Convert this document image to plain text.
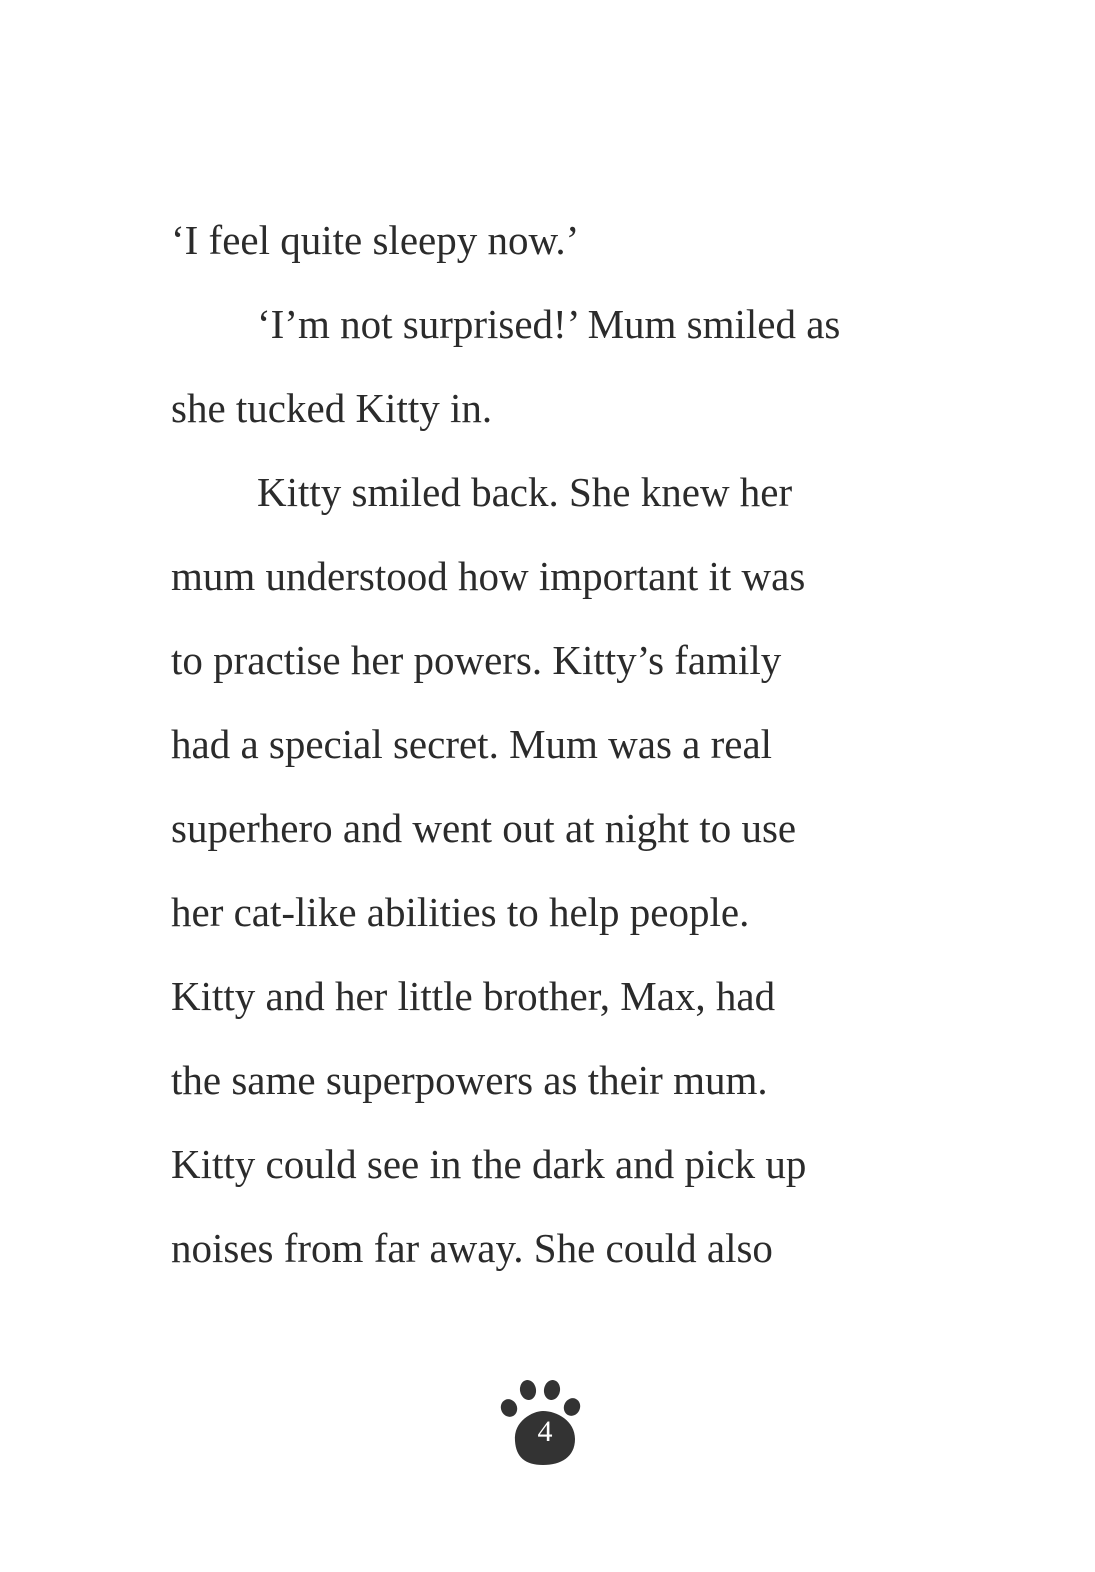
‘I feel quite sleepy now.’
‘I’m not surprised!’ Mum smiled as
she tucked Kitty in.
Kitty smiled back. She knew her
mum understood how important it was
to practise her powers. Kitty’s family
had a special secret. Mum was a real
superhero and went out at night to use
her cat-like abilities to help people.
Kitty and her little brother, Max, had
the same superpowers as their mum.
Kitty could see in the dark and pick up
noises from far away. She could also
4
